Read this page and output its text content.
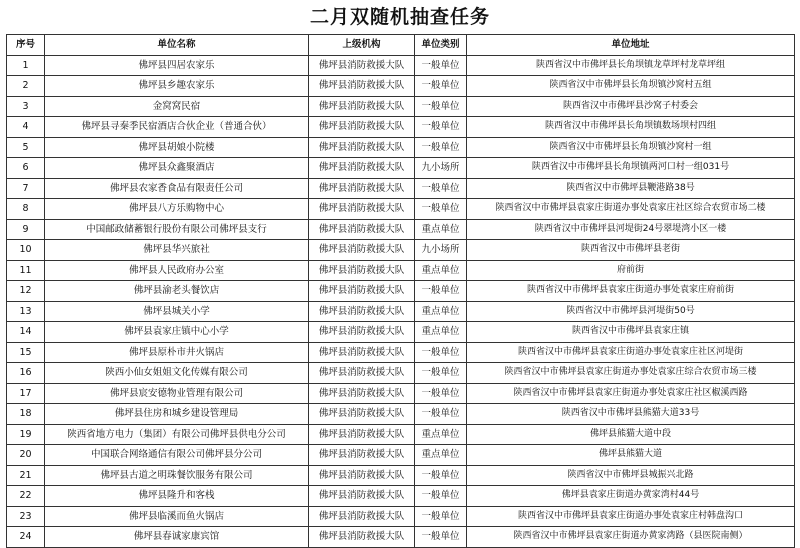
二月双随机抽查任务
序号	单位名称	上级机构	单位类别	单位地址
1	佛坪县四居农家乐	佛坪县消防救援大队	一般单位	陕西省汉中市佛坪县长角坝镇龙草坪村龙草坪组
2	佛坪县乡趣农家乐	佛坪县消防救援大队	一般单位	陕西省汉中市佛坪县长角坝镇沙窝村五组
3	金窝窝民宿	佛坪县消防救援大队	一般单位	陕西省汉中市佛坪县沙窝子村委会
4	佛坪县寻秦季民宿酒店合伙企业（普通合伙）	佛坪县消防救援大队	一般单位	陕西省汉中市佛坪县长角坝镇数场坝村四组
5	佛坪县胡娘小院楼	佛坪县消防救援大队	一般单位	陕西省汉中市佛坪县长角坝镇沙窝村一组
6	佛坪县众鑫聚酒店	佛坪县消防救援大队	九小场所	陕西省汉中市佛坪县长角坝镇两河口村一组031号
7	佛坪县农家香食品有限责任公司	佛坪县消防救援大队	一般单位	陕西省汉中市佛坪县鞭港路38号
8	佛坪县八方乐购物中心	佛坪县消防救援大队	一般单位	陕西省汉中市佛坪县袁家庄街道办事处袁家庄社区综合农贸市场二楼
9	中国邮政储蓄银行股份有限公司佛坪县支行	佛坪县消防救援大队	重点单位	陕西省汉中市佛坪县河堤街24号翠堤湾小区一楼
10	佛坪县华兴旅社	佛坪县消防救援大队	九小场所	陕西省汉中市佛坪县老街
11	佛坪县人民政府办公室	佛坪县消防救援大队	重点单位	府前街
12	佛坪县渝老头餐饮店	佛坪县消防救援大队	一般单位	陕西省汉中市佛坪县袁家庄街道办事处袁家庄府前街
13	佛坪县城关小学	佛坪县消防救援大队	重点单位	陕西省汉中市佛坪县河堤街50号
14	佛坪县袁家庄镇中心小学	佛坪县消防救援大队	重点单位	陕西省汉中市佛坪县袁家庄镇
15	佛坪县原朴市井火锅店	佛坪县消防救援大队	一般单位	陕西省汉中市佛坪县袁家庄街道办事处袁家庄社区河堤街
16	陕西小仙女姐姐文化传媒有限公司	佛坪县消防救援大队	一般单位	陕西省汉中市佛坪县袁家庄街道办事处袁家庄综合农贸市场三楼
17	佛坪县宸安德物业管理有限公司	佛坪县消防救援大队	一般单位	陕西省汉中市佛坪县袁家庄街道办事处袁家庄社区椒溪西路
18	佛坪县住房和城乡建设管理局	佛坪县消防救援大队	一般单位	陕西省汉中市佛坪县熊猫大道33号
19	陕西省地方电力（集团）有限公司佛坪县供电分公司	佛坪县消防救援大队	重点单位	佛坪县熊猫大道中段
20	中国联合网络通信有限公司佛坪县分公司	佛坪县消防救援大队	重点单位	佛坪县熊猫大道
21	佛坪县古道之明珠餐饮服务有限公司	佛坪县消防救援大队	一般单位	陕西省汉中市佛坪县城振兴北路
22	佛坪县隆升和客栈	佛坪县消防救援大队	一般单位	佛坪县袁家庄街道办黄家湾村44号
23	佛坪县临溪而鱼火锅店	佛坪县消防救援大队	一般单位	陕西省汉中市佛坪县袁家庄街道办事处袁家庄村韩盘沟口
24	佛坪县春诚家康宾馆	佛坪县消防救援大队	一般单位	陕西省汉中市佛坪县袁家庄街道办黄家湾路（县医院南侧）
